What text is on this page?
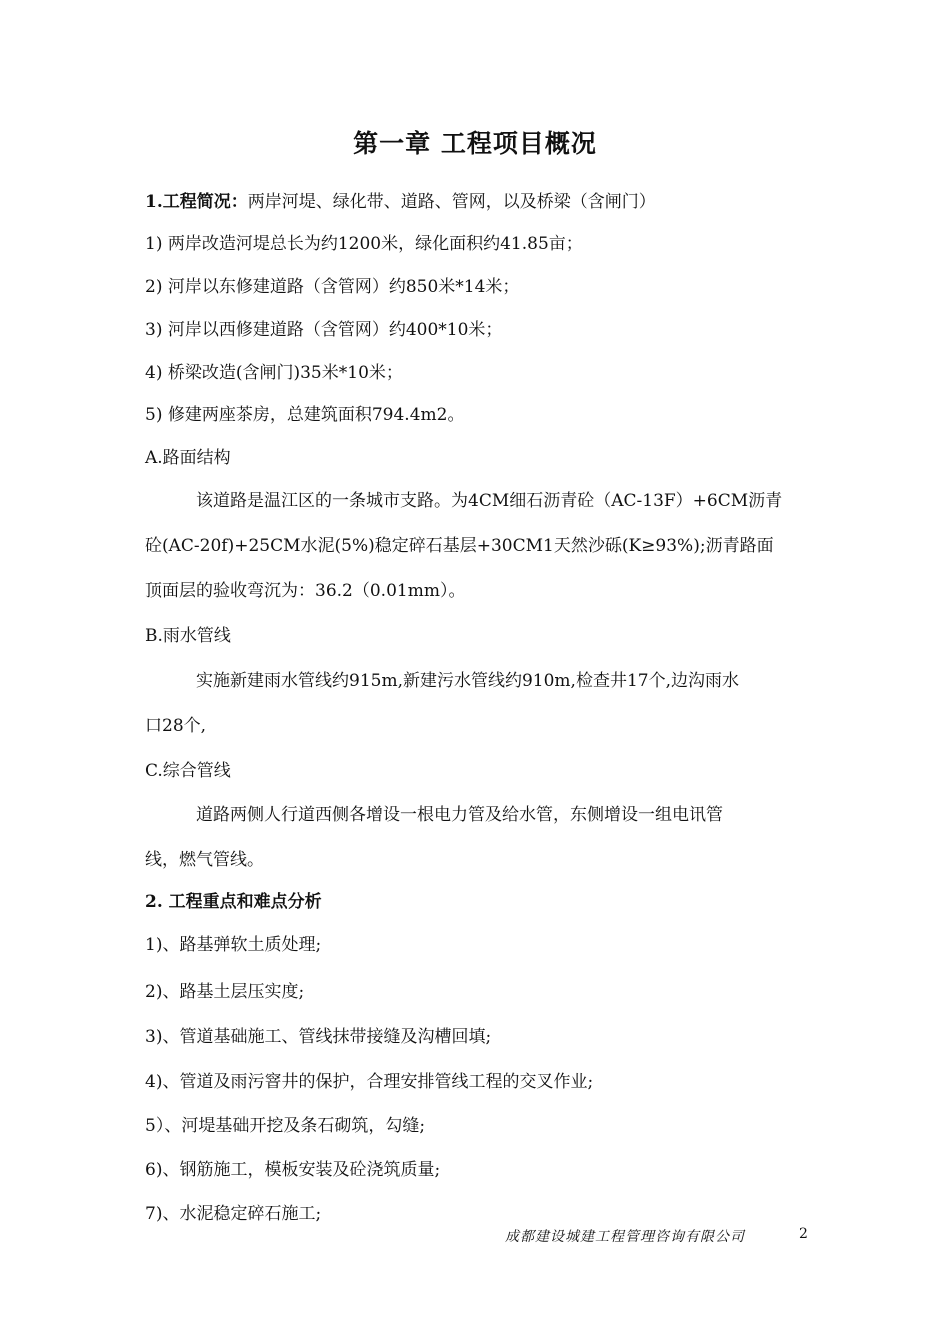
第一章 工程项目概况
1.工程简况：两岸河堤、绿化带、道路、管网，以及桥梁（含闸门）
1) 两岸改造河堤总长为约1200米，绿化面积约41.85亩；
2) 河岸以东修建道路（含管网）约850米*14米；
3) 河岸以西修建道路（含管网）约400*10米；
4) 桥梁改造(含闸门)35米*10米；
5) 修建两座茶房，总建筑面积794.4m2。
A.路面结构
该道路是温江区的一条城市支路。为4CM细石沥青砼（AC-13F）+6CM沥青
砼(AC-20f)+25CM水泥(5%)稳定碎石基层+30CM1天然沙砾(K≥93%);沥青路面
顶面层的验收弯沉为：36.2（0.01mm）。
B.雨水管线
实施新建雨水管线约915m,新建污水管线约910m,检查井17个,边沟雨水
口28个,
C.综合管线
道路两侧人行道西侧各增设一根电力管及给水管，东侧增设一组电讯管
线，燃气管线。
2. 工程重点和难点分析
1)、路基弹软土质处理;
2)、路基土层压实度;
3)、管道基础施工、管线抹带接缝及沟槽回填;
4)、管道及雨污窨井的保护，合理安排管线工程的交叉作业;
5）、河堤基础开挖及条石砌筑，勾缝;
6)、钢筋施工，模板安装及砼浇筑质量;
7)、水泥稳定碎石施工;
成都建设城建工程管理咨询有限公司	2
